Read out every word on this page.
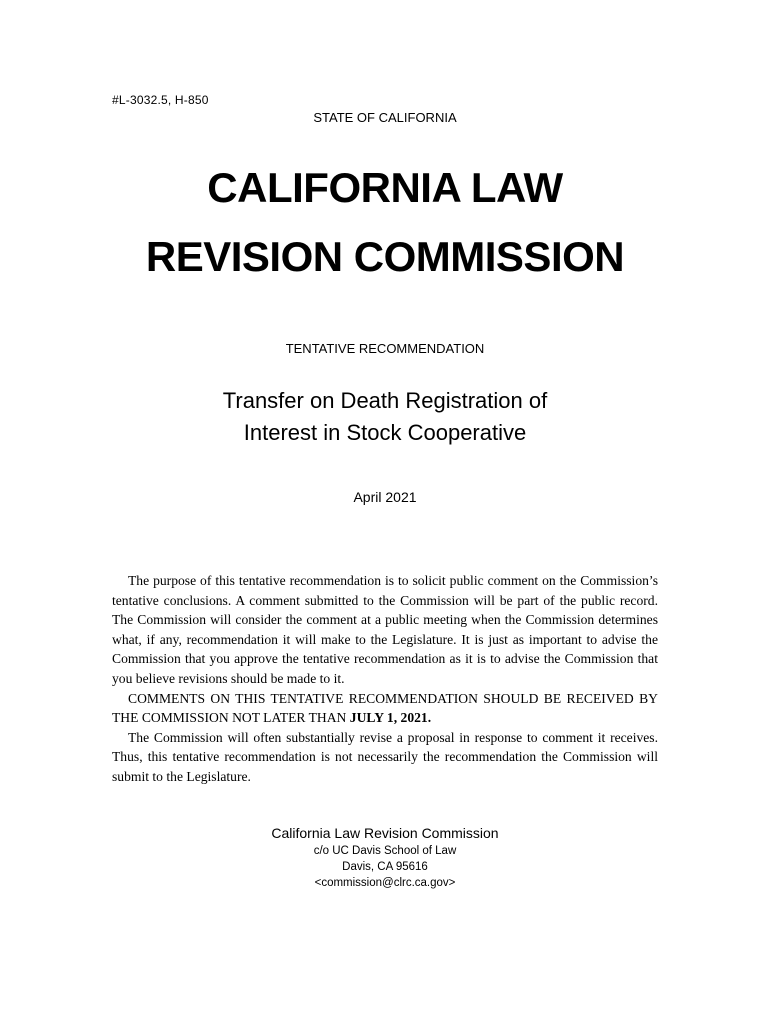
#L-3032.5, H-850
STATE OF CALIFORNIA
CALIFORNIA LAW
REVISION COMMISSION
TENTATIVE RECOMMENDATION
Transfer on Death Registration of
Interest in Stock Cooperative
April 2021

The purpose of this tentative recommendation is to solicit public comment on the Commission’s tentative conclusions. A comment submitted to the Commission will be part of the public record. The Commission will consider the comment at a public meeting when the Commission determines what, if any, recommendation it will make to the Legislature. It is just as important to advise the Commission that you approve the tentative recommendation as it is to advise the Commission that you believe revisions should be made to it.

COMMENTS ON THIS TENTATIVE RECOMMENDATION SHOULD BE RECEIVED BY THE COMMISSION NOT LATER THAN JULY 1, 2021.

The Commission will often substantially revise a proposal in response to comment it receives. Thus, this tentative recommendation is not necessarily the recommendation the Commission will submit to the Legislature.

California Law Revision Commission
c/o UC Davis School of Law
Davis, CA 95616
<commission@clrc.ca.gov>
